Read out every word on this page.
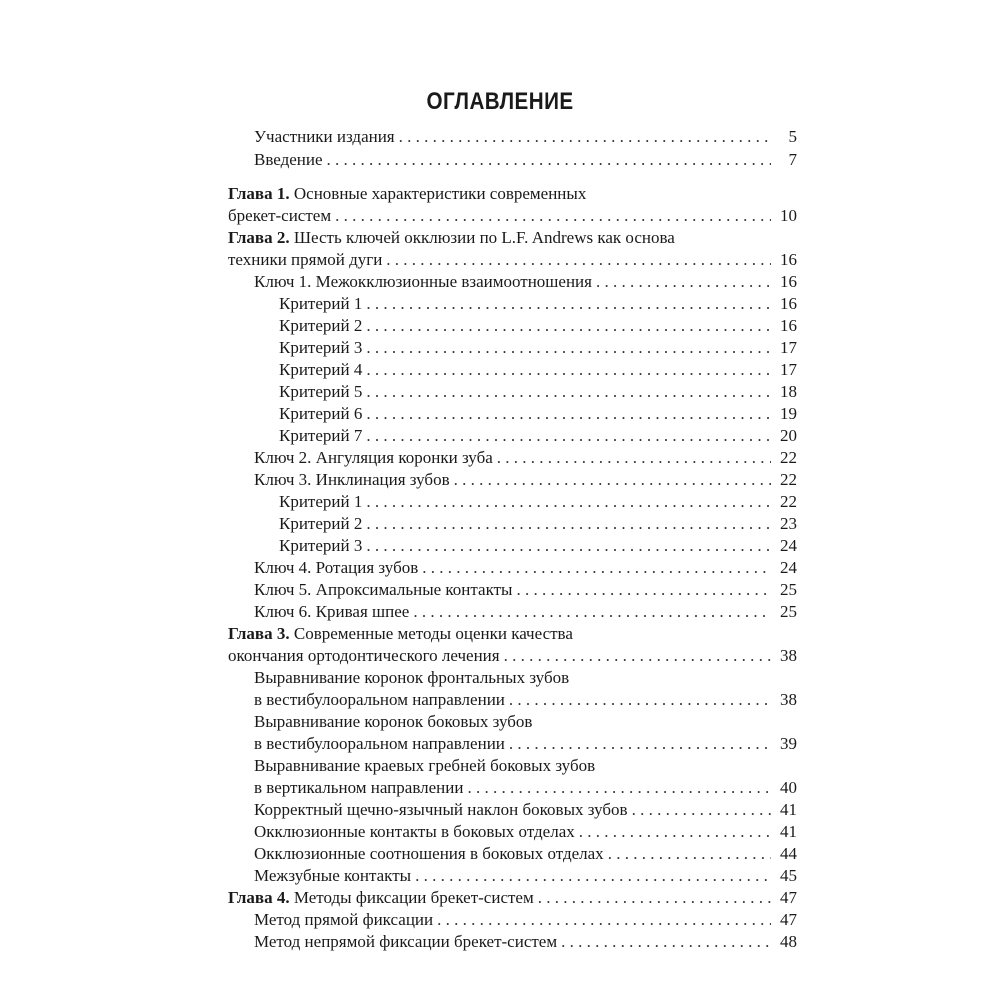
ОГЛАВЛЕНИЕ
Участники издания . . .	5
Введение . . .	7
Глава 1. Основные характеристики современных
брекет-систем . . .	10
Глава 2. Шесть ключей окклюзии по L.F. Andrews как основа
техники прямой дуги . . .	16
Ключ 1. Межокклюзионные взаимоотношения . . .	16
Критерий 1 . . .	16
Критерий 2 . . .	16
Критерий 3 . . .	17
Критерий 4 . . .	17
Критерий 5 . . .	18
Критерий 6 . . .	19
Критерий 7 . . .	20
Ключ 2. Ангуляция коронки зуба . . .	22
Ключ 3. Инклинация зубов . . .	22
Критерий 1 . . .	22
Критерий 2 . . .	23
Критерий 3 . . .	24
Ключ 4. Ротация зубов . . .	24
Ключ 5. Апроксимальные контакты . . .	25
Ключ 6. Кривая шпее . . .	25
Глава 3. Современные методы оценки качества
окончания ортодонтического лечения . . .	38
Выравнивание коронок фронтальных зубов
в вестибулооральном направлении . . .	38
Выравнивание коронок боковых зубов
в вестибулооральном направлении . . .	39
Выравнивание краевых гребней боковых зубов
в вертикальном направлении . . .	40
Корректный щечно-язычный наклон боковых зубов . . .	41
Окклюзионные контакты в боковых отделах . . .	41
Окклюзионные соотношения в боковых отделах . . .	44
Межзубные контакты . . .	45
Глава 4. Методы фиксации брекет-систем . . .	47
Метод прямой фиксации . . .	47
Метод непрямой фиксации брекет-систем . . .	48
